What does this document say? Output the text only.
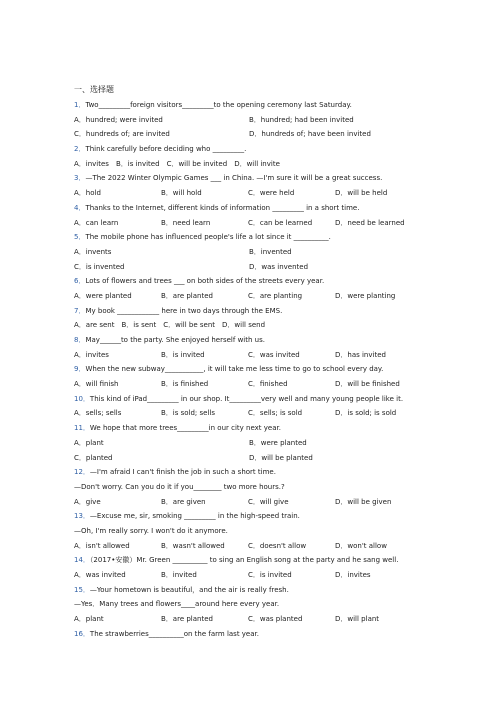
一、选择题
1．Two_________foreign visitors_________to the opening ceremony last Saturday.
A．hundred; were invited	B．hundred; had been invited
C．hundreds of; are invited	D．hundreds of; have been invited
2．Think carefully before deciding who _________.
A．invites B．is invited C．will be invited D．will invite
3．—The 2022 Winter Olympic Games ___ in China. —I'm sure it will be a great success.
A．hold	B．will hold	C．were held	D．will be held
4．Thanks to the Internet, different kinds of information _________ in a short time.
A．can learn	B．need learn	C．can be learned	D．need be learned
5．The mobile phone has influenced people's life a lot since it __________.
A．invents	B．invented
C．is invented	D．was invented
6．Lots of flowers and trees ___ on both sides of the streets every year.
A．were planted	B．are planted	C．are planting	D．were planting
7．My book ____________ here in two days through the EMS.
A．are sent B．is sent C．will be sent D．will send
8．May______to the party. She enjoyed herself with us.
A．invites	B．is invited	C．was invited	D．has invited
9．When the new subway___________, it will take me less time to go to school every day.
A．will finish	B．is finished	C．finished	D．will be finished
10．This kind of iPad_________ in our shop. It_________very well and many young people like it.
A．sells; sells	B．is sold; sells	C．sells; is sold	D．is sold; is sold
11．We hope that more trees_________in our city next year.
A．plant	B．were planted
C．planted	D．will be planted
12．—I'm afraid I can't finish the job in such a short time.
—Don't worry. Can you do it if you________ two more hours.?
A．give	B．are given	C．will give	D．will be given
13．—Excuse me, sir, smoking _________ in the high-speed train.
—Oh, I'm really sorry. I won't do it anymore.
A．isn't allowed	B．wasn't allowed	C．doesn't allow	D．won't allow
14．（2017•安徽）Mr. Green __________ to sing an English song at the party and he sang well.
A．was invited	B．invited	C．is invited	D．invites
15．—Your hometown is beautiful，and the air is really fresh.
—Yes．Many trees and flowers____around here every year.
A．plant	B．are planted	C．was planted	D．will plant
16．The strawberries__________on the farm last year.
